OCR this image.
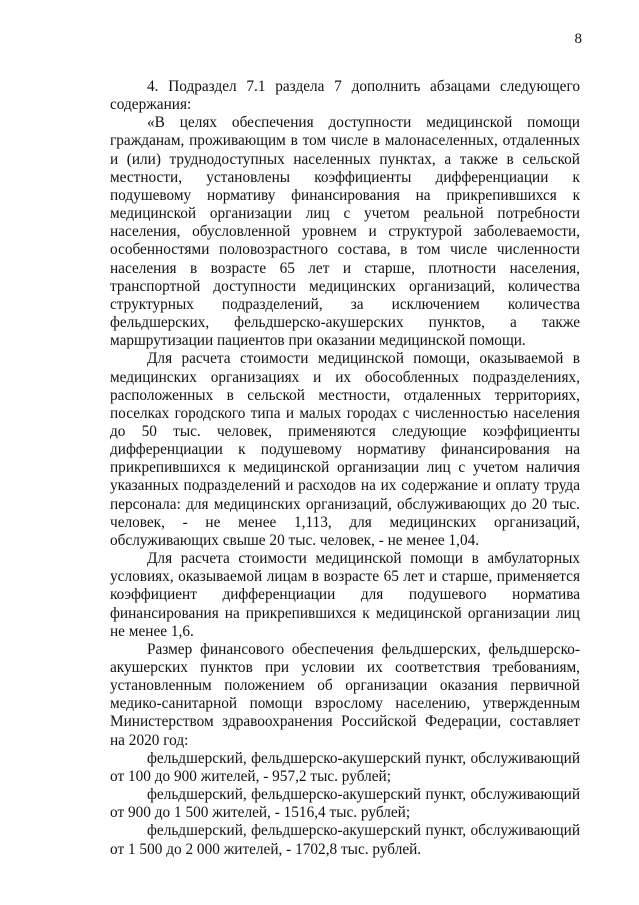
8

4. Подраздел 7.1 раздела 7 дополнить абзацами следующего содержания:

«В целях обеспечения доступности медицинской помощи гражданам, проживающим в том числе в малонаселенных, отдаленных и (или) труднодоступных населенных пунктах, а также в сельской местности, установлены коэффициенты дифференциации к подушевому нормативу финансирования на прикрепившихся к медицинской организации лиц с учетом реальной потребности населения, обусловленной уровнем и структурой заболеваемости, особенностями половозрастного состава, в том числе численности населения в возрасте 65 лет и старше, плотности населения, транспортной доступности медицинских организаций, количества структурных подразделений, за исключением количества фельдшерских, фельдшерско-акушерских пунктов, а также маршрутизации пациентов при оказании медицинской помощи.

Для расчета стоимости медицинской помощи, оказываемой в медицинских организациях и их обособленных подразделениях, расположенных в сельской местности, отдаленных территориях, поселках городского типа и малых городах с численностью населения до 50 тыс. человек, применяются следующие коэффициенты дифференциации к подушевому нормативу финансирования на прикрепившихся к медицинской организации лиц с учетом наличия указанных подразделений и расходов на их содержание и оплату труда персонала: для медицинских организаций, обслуживающих до 20 тыс. человек, - не менее 1,113, для медицинских организаций, обслуживающих свыше 20 тыс. человек, - не менее 1,04.

Для расчета стоимости медицинской помощи в амбулаторных условиях, оказываемой лицам в возрасте 65 лет и старше, применяется коэффициент дифференциации для подушевого норматива финансирования на прикрепившихся к медицинской организации лиц не менее 1,6.

Размер финансового обеспечения фельдшерских, фельдшерско-акушерских пунктов при условии их соответствия требованиям, установленным положением об организации оказания первичной медико-санитарной помощи взрослому населению, утвержденным Министерством здравоохранения Российской Федерации, составляет на 2020 год:

фельдшерский, фельдшерско-акушерский пункт, обслуживающий от 100 до 900 жителей, - 957,2 тыс. рублей;

фельдшерский, фельдшерско-акушерский пункт, обслуживающий от 900 до 1 500 жителей, - 1516,4 тыс. рублей;

фельдшерский, фельдшерско-акушерский пункт, обслуживающий от 1 500 до 2 000 жителей, - 1702,8 тыс. рублей.
